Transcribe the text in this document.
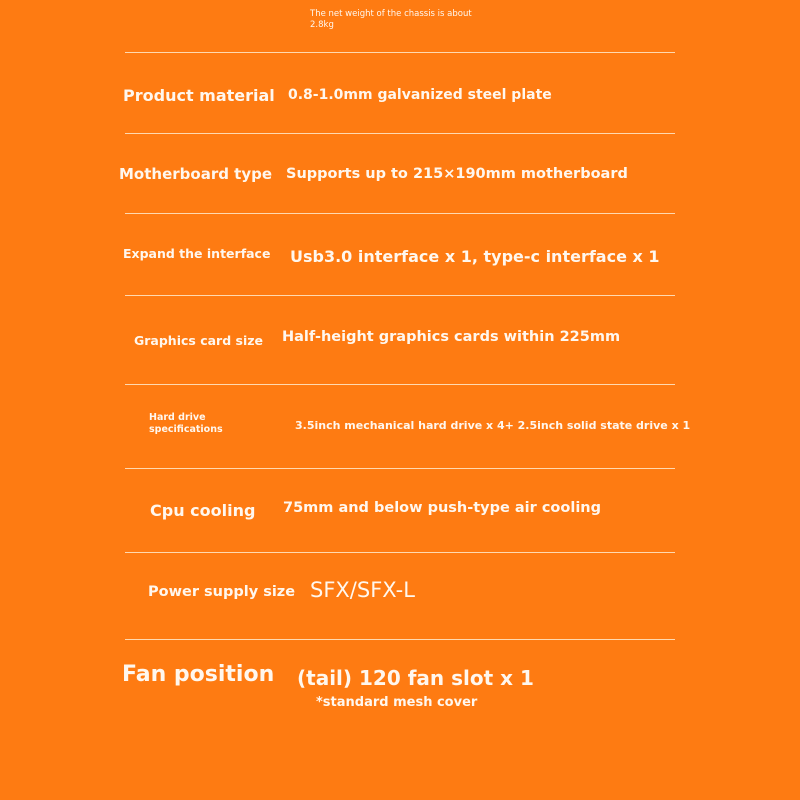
The net weight of the chassis is about
2.8kg
Product material 0.8-1.0mm galvanized steel plate
Motherboard type Supports up to 215×190mm motherboard
Expand the interface Usb3.0 interface x 1, type-c interface x 1
Graphics card size Half-height graphics cards within 225mm
Hard drive
specifications	3.5inch mechanical hard drive x 4+ 2.5inch solid state drive x 1
Cpu cooling 75mm and below push-type air cooling
Power supply size SFX/SFX-L
Fan position (tail) 120 fan slot x 1
*standard mesh cover
